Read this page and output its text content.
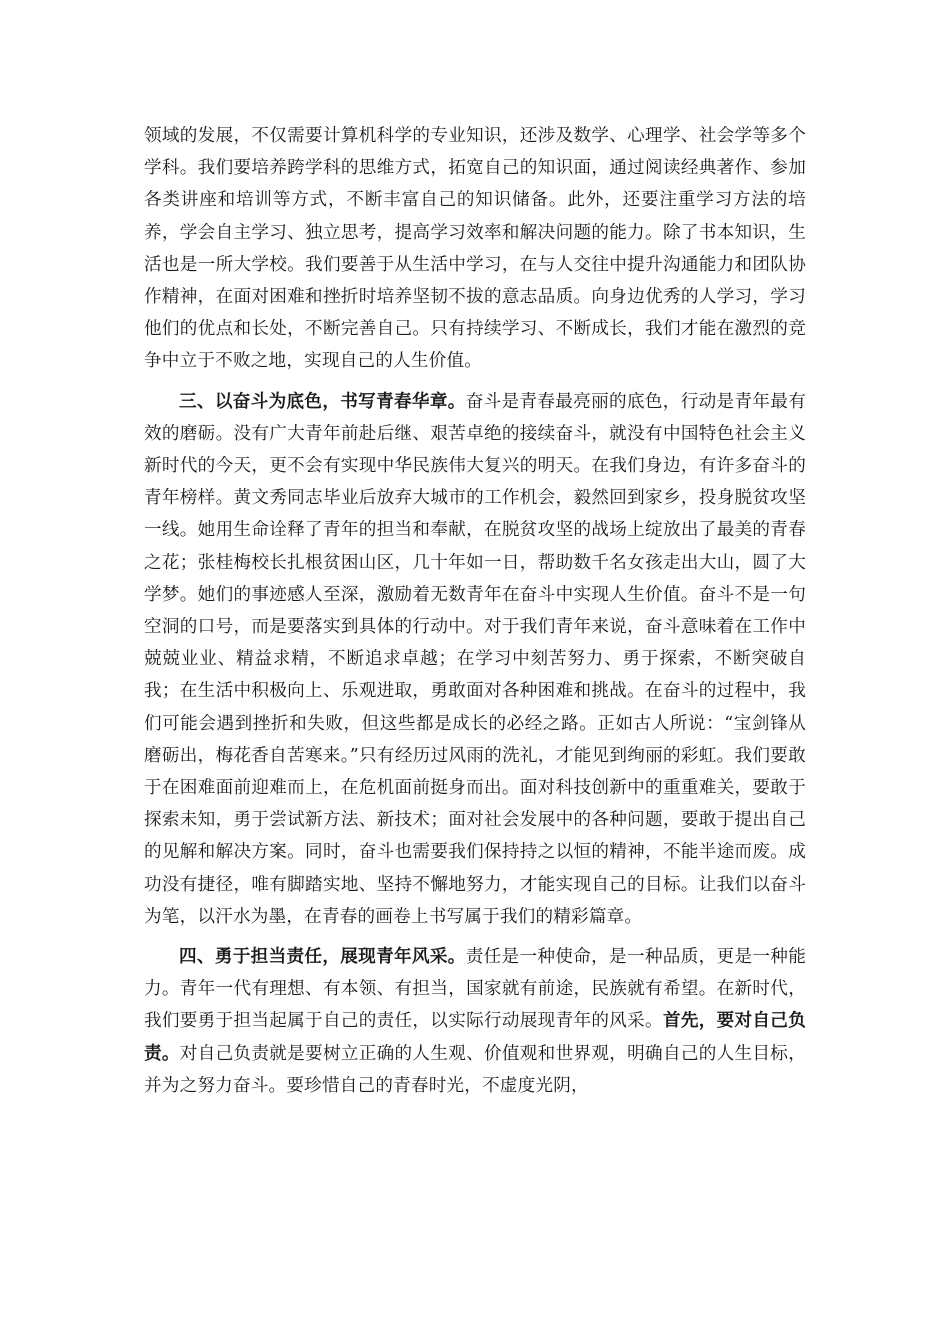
领域的发展，不仅需要计算机科学的专业知识，还涉及数学、心理学、社会学等多个学科。我们要培养跨学科的思维方式，拓宽自己的知识面，通过阅读经典著作、参加各类讲座和培训等方式，不断丰富自己的知识储备。此外，还要注重学习方法的培养，学会自主学习、独立思考，提高学习效率和解决问题的能力。除了书本知识，生活也是一所大学校。我们要善于从生活中学习，在与人交往中提升沟通能力和团队协作精神，在面对困难和挫折时培养坚韧不拔的意志品质。向身边优秀的人学习，学习他们的优点和长处，不断完善自己。只有持续学习、不断成长，我们才能在激烈的竞争中立于不败之地，实现自己的人生价值。

三、以奋斗为底色，书写青春华章。奋斗是青春最亮丽的底色，行动是青年最有效的磨砺。没有广大青年前赴后继、艰苦卓绝的接续奋斗，就没有中国特色社会主义新时代的今天，更不会有实现中华民族伟大复兴的明天。在我们身边，有许多奋斗的青年榜样。黄文秀同志毕业后放弃大城市的工作机会，毅然回到家乡，投身脱贫攻坚一线。她用生命诠释了青年的担当和奉献，在脱贫攻坚的战场上绽放出了最美的青春之花；张桂梅校长扎根贫困山区，几十年如一日，帮助数千名女孩走出大山，圆了大学梦。她们的事迹感人至深，激励着无数青年在奋斗中实现人生价值。奋斗不是一句空洞的口号，而是要落实到具体的行动中。对于我们青年来说，奋斗意味着在工作中兢兢业业、精益求精，不断追求卓越；在学习中刻苦努力、勇于探索，不断突破自我；在生活中积极向上、乐观进取，勇敢面对各种困难和挑战。在奋斗的过程中，我们可能会遇到挫折和失败，但这些都是成长的必经之路。正如古人所说：“宝剑锋从磨砺出，梅花香自苦寒来。”只有经历过风雨的洗礼，才能见到绚丽的彩虹。我们要敢于在困难面前迎难而上，在危机面前挺身而出。面对科技创新中的重重难关，要敢于探索未知，勇于尝试新方法、新技术；面对社会发展中的各种问题，要敢于提出自己的见解和解决方案。同时，奋斗也需要我们保持持之以恒的精神，不能半途而废。成功没有捷径，唯有脚踏实地、坚持不懈地努力，才能实现自己的目标。让我们以奋斗为笔，以汗水为墨，在青春的画卷上书写属于我们的精彩篇章。

四、勇于担当责任，展现青年风采。责任是一种使命，是一种品质，更是一种能力。青年一代有理想、有本领、有担当，国家就有前途，民族就有希望。在新时代，我们要勇于担当起属于自己的责任，以实际行动展现青年的风采。首先，要对自己负责。对自己负责就是要树立正确的人生观、价值观和世界观，明确自己的人生目标，并为之努力奋斗。要珍惜自己的青春时光，不虚度光阴，
